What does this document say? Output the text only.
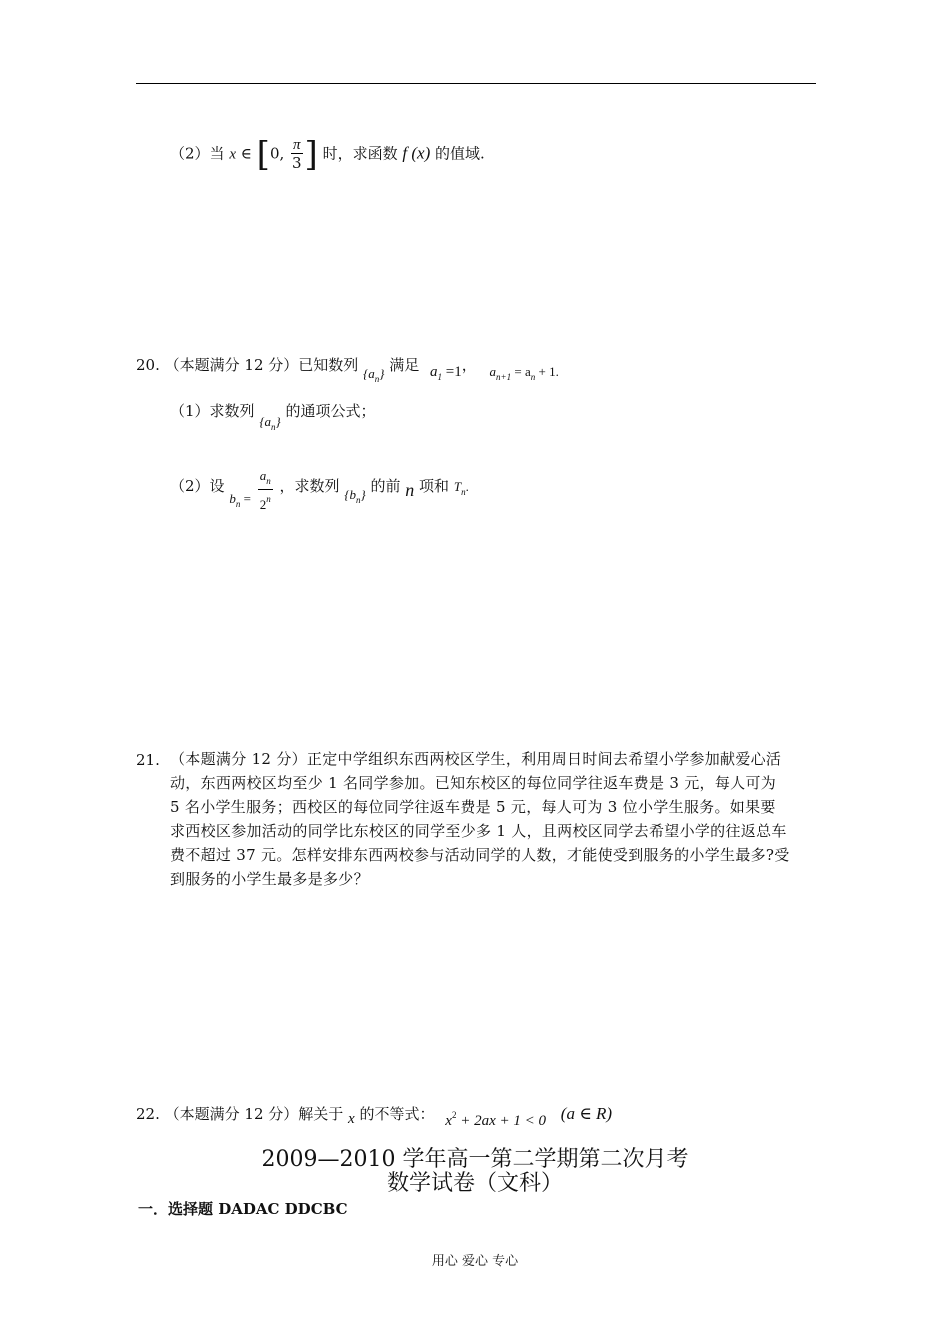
（2）当 x ∈ [0, $\frac{\pi}{3}$ ] 时，求函数 f (x) 的值域.
20. （本题满分 12 分）已知数列 $\{a_n\}$ 满足 $a_1 =1$， $a_{n+1} = a_n + 1$.
（1）求数列 $\{a_n\}$ 的通项公式；
（2）设 $b_n = \frac{a_n}{2^n}$ ，求数列 $\{b_n\}$ 的前 n 项和 $T_n$.
21. （本题满分 12 分）正定中学组织东西两校区学生，利用周日时间去希望小学参加献爱心活动，东西两校区均至少 1 名同学参加。已知东校区的每位同学往返车费是 3 元，每人可为 5 名小学生服务；西校区的每位同学往返车费是 5 元，每人可为 3 位小学生服务。如果要求西校区参加活动的同学比东校区的同学至少多 1 人，且两校区同学去希望小学的往返总车费不超过 37 元。怎样安排东西两校参与活动同学的人数，才能使受到服务的小学生最多?受到服务的小学生最多是多少？
22. （本题满分 12 分）解关于 x 的不等式： $x^2 + 2ax + 1 < 0$ (a ∈ R)
2009—2010 学年高一第二学期第二次月考
数学试卷（文科）
一．选择题 DADAC DDCBC
用心 爱心 专心
